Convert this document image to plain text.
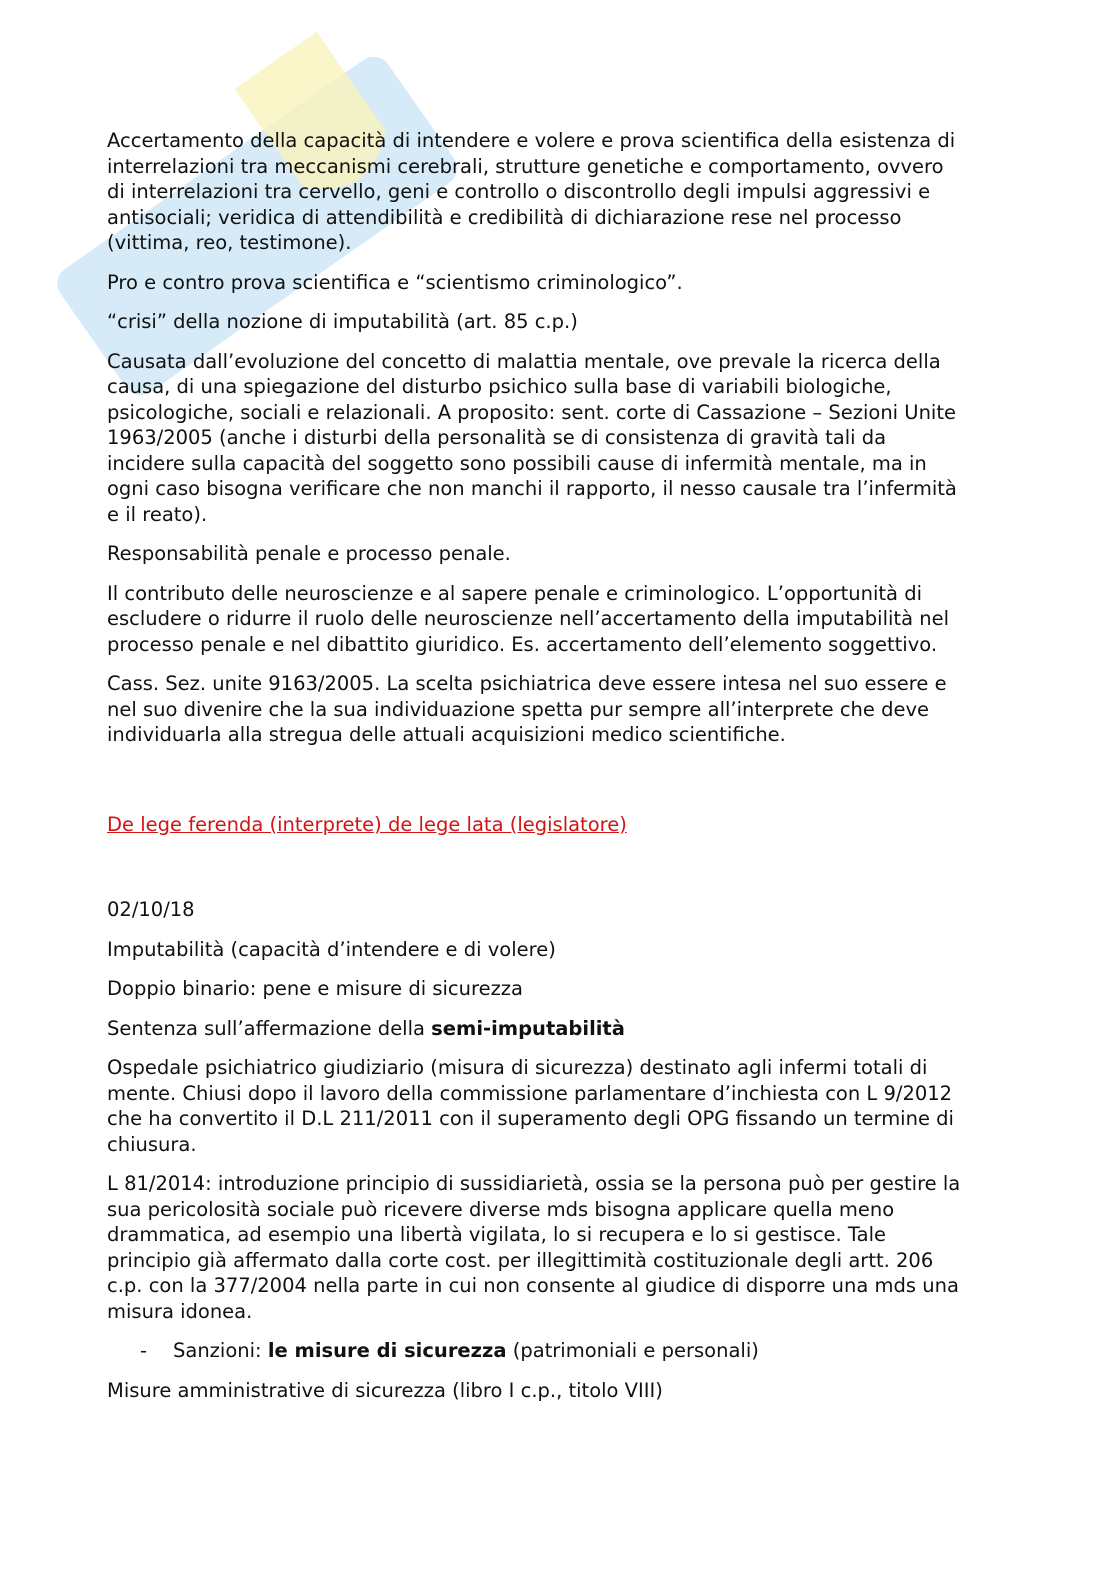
Accertamento della capacità di intendere e volere e prova scientifica della esistenza di
interrelazioni tra meccanismi cerebrali, strutture genetiche e comportamento, ovvero
di interrelazioni tra cervello, geni e controllo o discontrollo degli impulsi aggressivi e
antisociali; veridica di attendibilità e credibilità di dichiarazione rese nel processo
(vittima, reo, testimone).

Pro e contro prova scientifica e “scientismo criminologico”.

“crisi” della nozione di imputabilità (art. 85 c.p.)

Causata dall’evoluzione del concetto di malattia mentale, ove prevale la ricerca della
causa, di una spiegazione del disturbo psichico sulla base di variabili biologiche,
psicologiche, sociali e relazionali. A proposito: sent. corte di Cassazione – Sezioni Unite
1963/2005 (anche i disturbi della personalità se di consistenza di gravità tali da
incidere sulla capacità del soggetto sono possibili cause di infermità mentale, ma in
ogni caso bisogna verificare che non manchi il rapporto, il nesso causale tra l’infermità
e il reato).

Responsabilità penale e processo penale.

Il contributo delle neuroscienze e al sapere penale e criminologico. L’opportunità di
escludere o ridurre il ruolo delle neuroscienze nell’accertamento della imputabilità nel
processo penale e nel dibattito giuridico. Es. accertamento dell’elemento soggettivo.

Cass. Sez. unite 9163/2005. La scelta psichiatrica deve essere intesa nel suo essere e
nel suo divenire che la sua individuazione spetta pur sempre all’interprete che deve
individuarla alla stregua delle attuali acquisizioni medico scientifiche.

De lege ferenda (interprete) de lege lata (legislatore)

02/10/18

Imputabilità (capacità d’intendere e di volere)

Doppio binario: pene e misure di sicurezza

Sentenza sull’affermazione della semi-imputabilità

Ospedale psichiatrico giudiziario (misura di sicurezza) destinato agli infermi totali di
mente. Chiusi dopo il lavoro della commissione parlamentare d’inchiesta con L 9/2012
che ha convertito il D.L 211/2011 con il superamento degli OPG fissando un termine di
chiusura.

L 81/2014: introduzione principio di sussidiarietà, ossia se la persona può per gestire la
sua pericolosità sociale può ricevere diverse mds bisogna applicare quella meno
drammatica, ad esempio una libertà vigilata, lo si recupera e lo si gestisce. Tale
principio già affermato dalla corte cost. per illegittimità costituzionale degli artt. 206
c.p. con la 377/2004 nella parte in cui non consente al giudice di disporre una mds una
misura idonea.

-	Sanzioni: le misure di sicurezza (patrimoniali e personali)

Misure amministrative di sicurezza (libro I c.p., titolo VIII)
